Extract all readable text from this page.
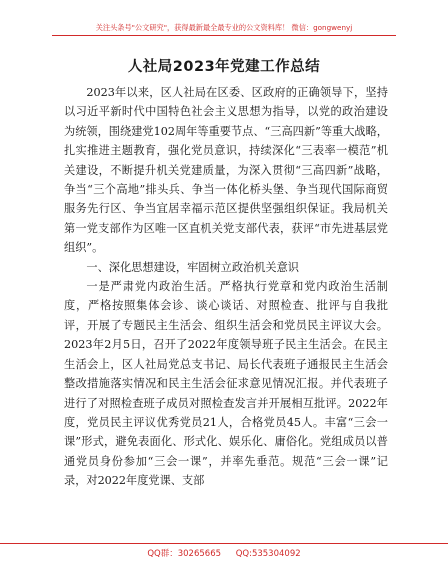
关注头条号"公文研究"，获得最新最全最专业的公文资料库！ 微信：gongwenyj
人社局2023年党建工作总结

2023年以来，区人社局在区委、区政府的正确领导下，坚持以习近平新时代中国特色社会主义思想为指导，以党的政治建设为统领，围绕建党102周年等重要节点、“三高四新”等重大战略，扎实推进主题教育，强化党员意识，持续深化“三表率一模范”机关建设，不断提升机关党建质量，为深入贯彻“三高四新”战略，争当“三个高地”排头兵、争当一体化桥头堡、争当现代国际商贸服务先行区、争当宜居幸福示范区提供坚强组织保证。我局机关第一党支部作为区唯一区直机关党支部代表，获评“市先进基层党组织”。

一、深化思想建设，牢固树立政治机关意识

一是严肃党内政治生活。严格执行党章和党内政治生活制度，严格按照集体会诊、谈心谈话、对照检查、批评与自我批评，开展了专题民主生活会、组织生活会和党员民主评议大会。2023年2月5日，召开了2022年度领导班子民主生活会。在民主生活会上，区人社局党总支书记、局长代表班子通报民主生活会整改措施落实情况和民主生活会征求意见情况汇报。并代表班子进行了对照检查班子成员对照检查发言并开展相互批评。2022年度，党员民主评议优秀党员21人，合格党员45人。丰富“三会一课”形式，避免表面化、形式化、娱乐化、庸俗化。党组成员以普通党员身份参加“三会一课”，并率先垂范。规范“三会一课”记录，对2022年度党课、支部

QQ群：30265665 QQ:535304092
